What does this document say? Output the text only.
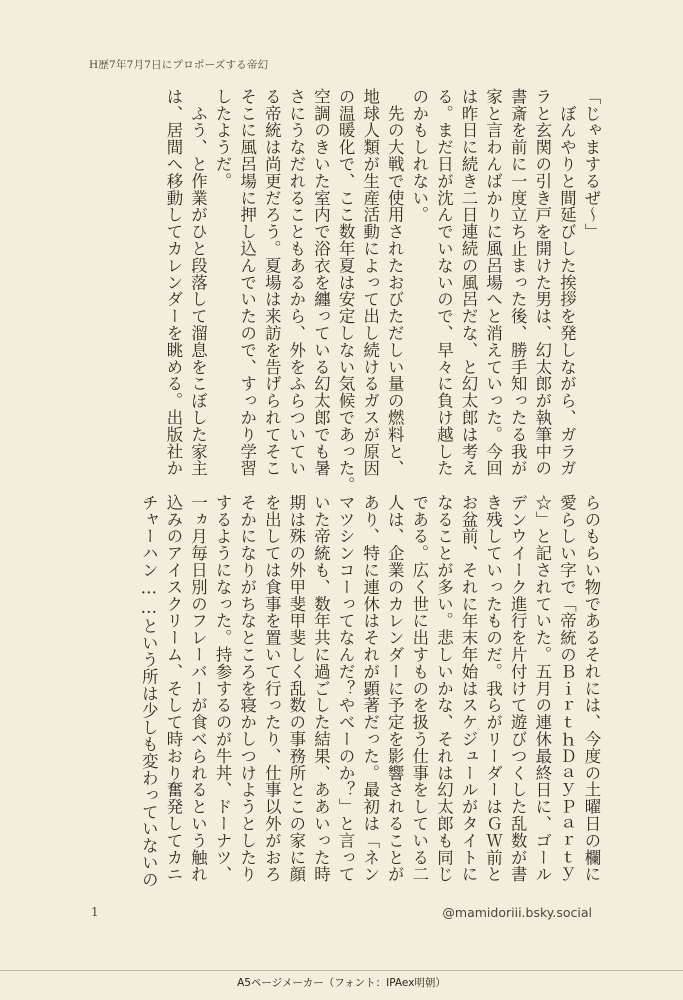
H歴7年7月7日にプロポーズする帝幻
「じゃまするぜ〜」
　ぼんやりと間延びした挨拶を発しながら、ガラガ
ラと玄関の引き戸を開けた男は、幻太郎が執筆中の
書斎を前に一度立ち止まった後、勝手知ったる我が
家と言わんばかりに風呂場へと消えていった。今回
は昨日に続き二日連続の風呂だな、と幻太郎は考え
る。まだ日が沈んでいないので、早々に負け越した
のかもしれない。
　先の大戦で使用されたおびただしい量の燃料と、
地球人類が生産活動によって出し続けるガスが原因
の温暖化で、ここ数年夏は安定しない気候であった。
空調のきいた室内で浴衣を纏っている幻太郎でも暑
さにうなだれることもあるから、外をふらついてい
る帝統は尚更だろう。夏場は来訪を告げられてそこ
そこに風呂場に押し込んでいたので、すっかり学習
したようだ。
　ふう、と作業がひと段落して溜息をこぼした家主
は、居間へ移動してカレンダーを眺める。出版社か
らのもらい物であるそれには、今度の土曜日の欄に
愛らしい字で「帝統のＢｉｒｔｈＤａｙＰａｒｔｙ
☆」と記されていた。五月の連休最終日に、ゴール
デンウイーク進行を片付けて遊びつくした乱数が書
き残していったものだ。我らがリーダーはＧＷ前と
お盆前、それに年末年始はスケジュールがタイトに
なることが多い。悲しいかな、それは幻太郎も同じ
である。広く世に出すものを扱う仕事をしている二
人は、企業のカレンダーに予定を影響されることが
あり、特に連休はそれが顕著だった。最初は「ネン
マツシンコーってなんだ？やべーのか？」と言って
いた帝統も、数年共に過ごした結果、ああいった時
期は殊の外甲斐甲斐しく乱数の事務所とこの家に顔
を出しては食事を置いて行ったり、仕事以外がおろ
そかになりがちなところを寝かしつけようとしたり
するようになった。持参するのが牛丼、ドーナツ、
一ヵ月毎日別のフレーバーが食べられるという触れ
込みのアイスクリーム、そして時おり奮発してカニ
チャーハン……という所は少しも変わっていないの
1	@mamidoriii.bsky.social
A5ページメーカー（フォント：IPAex明朝）
